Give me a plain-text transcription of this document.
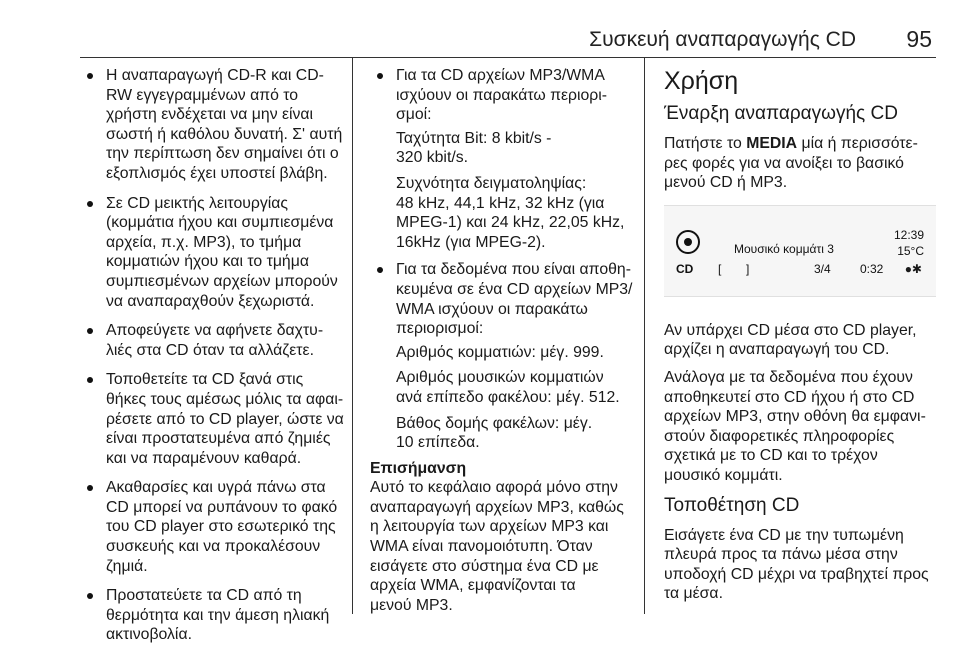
Συσκευή αναπαραγωγής CD	95
Η αναπαραγωγή CD-R και CD-
RW εγγεγραμμένων από το
χρήστη ενδέχεται να μην είναι
σωστή ή καθόλου δυνατή. Σ' αυτή
την περίπτωση δεν σημαίνει ότι ο
εξοπλισμός έχει υποστεί βλάβη.
Σε CD μεικτής λειτουργίας
(κομμάτια ήχου και συμπιεσμένα
αρχεία, π.χ. MP3), το τμήμα
κομματιών ήχου και το τμήμα
συμπιεσμένων αρχείων μπορούν
να αναπαραχθούν ξεχωριστά.
Αποφεύγετε να αφήνετε δαχτυ-
λιές στα CD όταν τα αλλάζετε.
Τοποθετείτε τα CD ξανά στις
θήκες τους αμέσως μόλις τα αφαι-
ρέσετε από το CD player, ώστε να
είναι προστατευμένα από ζημιές
και να παραμένουν καθαρά.
Ακαθαρσίες και υγρά πάνω στα
CD μπορεί να ρυπάνουν το φακό
του CD player στο εσωτερικό της
συσκευής και να προκαλέσουν
ζημιά.
Προστατεύετε τα CD από τη
θερμότητα και την άμεση ηλιακή
ακτινοβολία.
Για τα CD αρχείων MP3/WMA
ισχύουν οι παρακάτω περιορι-
σμοί:
Ταχύτητα Bit: 8 kbit/s -
320 kbit/s.
Συχνότητα δειγματοληψίας:
48 kHz, 44,1 kHz, 32 kHz (για
MPEG-1) και 24 kHz, 22,05 kHz,
16kHz (για MPEG-2).
Για τα δεδομένα που είναι αποθη-
κευμένα σε ένα CD αρχείων MP3/
WMA ισχύουν οι παρακάτω
περιορισμοί:
Αριθμός κομματιών: μέγ. 999.
Αριθμός μουσικών κομματιών
ανά επίπεδο φακέλου: μέγ. 512.
Βάθος δομής φακέλων: μέγ.
10 επίπεδα.
Επισήμανση
Αυτό το κεφάλαιο αφορά μόνο στην
αναπαραγωγή αρχείων MP3, καθώς
η λειτουργία των αρχείων MP3 και
WMA είναι πανομοιότυπη. Όταν
εισάγετε στο σύστημα ένα CD με
αρχεία WMA, εμφανίζονται τα
μενού MP3.
Χρήση
Έναρξη αναπαραγωγής CD
Πατήστε το MEDIA μία ή περισσότε-
ρες φορές για να ανοίξει το βασικό
μενού CD ή MP3.
Μουσικό κομμάτι 3
12:39
15°C
CD [ ]	3/4 0:32 ●✱
Αν υπάρχει CD μέσα στο CD player,
αρχίζει η αναπαραγωγή του CD.
Ανάλογα με τα δεδομένα που έχουν
αποθηκευτεί στο CD ήχου ή στο CD
αρχείων MP3, στην οθόνη θα εμφανι-
στούν διαφορετικές πληροφορίες
σχετικά με το CD και το τρέχον
μουσικό κομμάτι.
Τοποθέτηση CD
Εισάγετε ένα CD με την τυπωμένη
πλευρά προς τα πάνω μέσα στην
υποδοχή CD μέχρι να τραβηχτεί προς
τα μέσα.
